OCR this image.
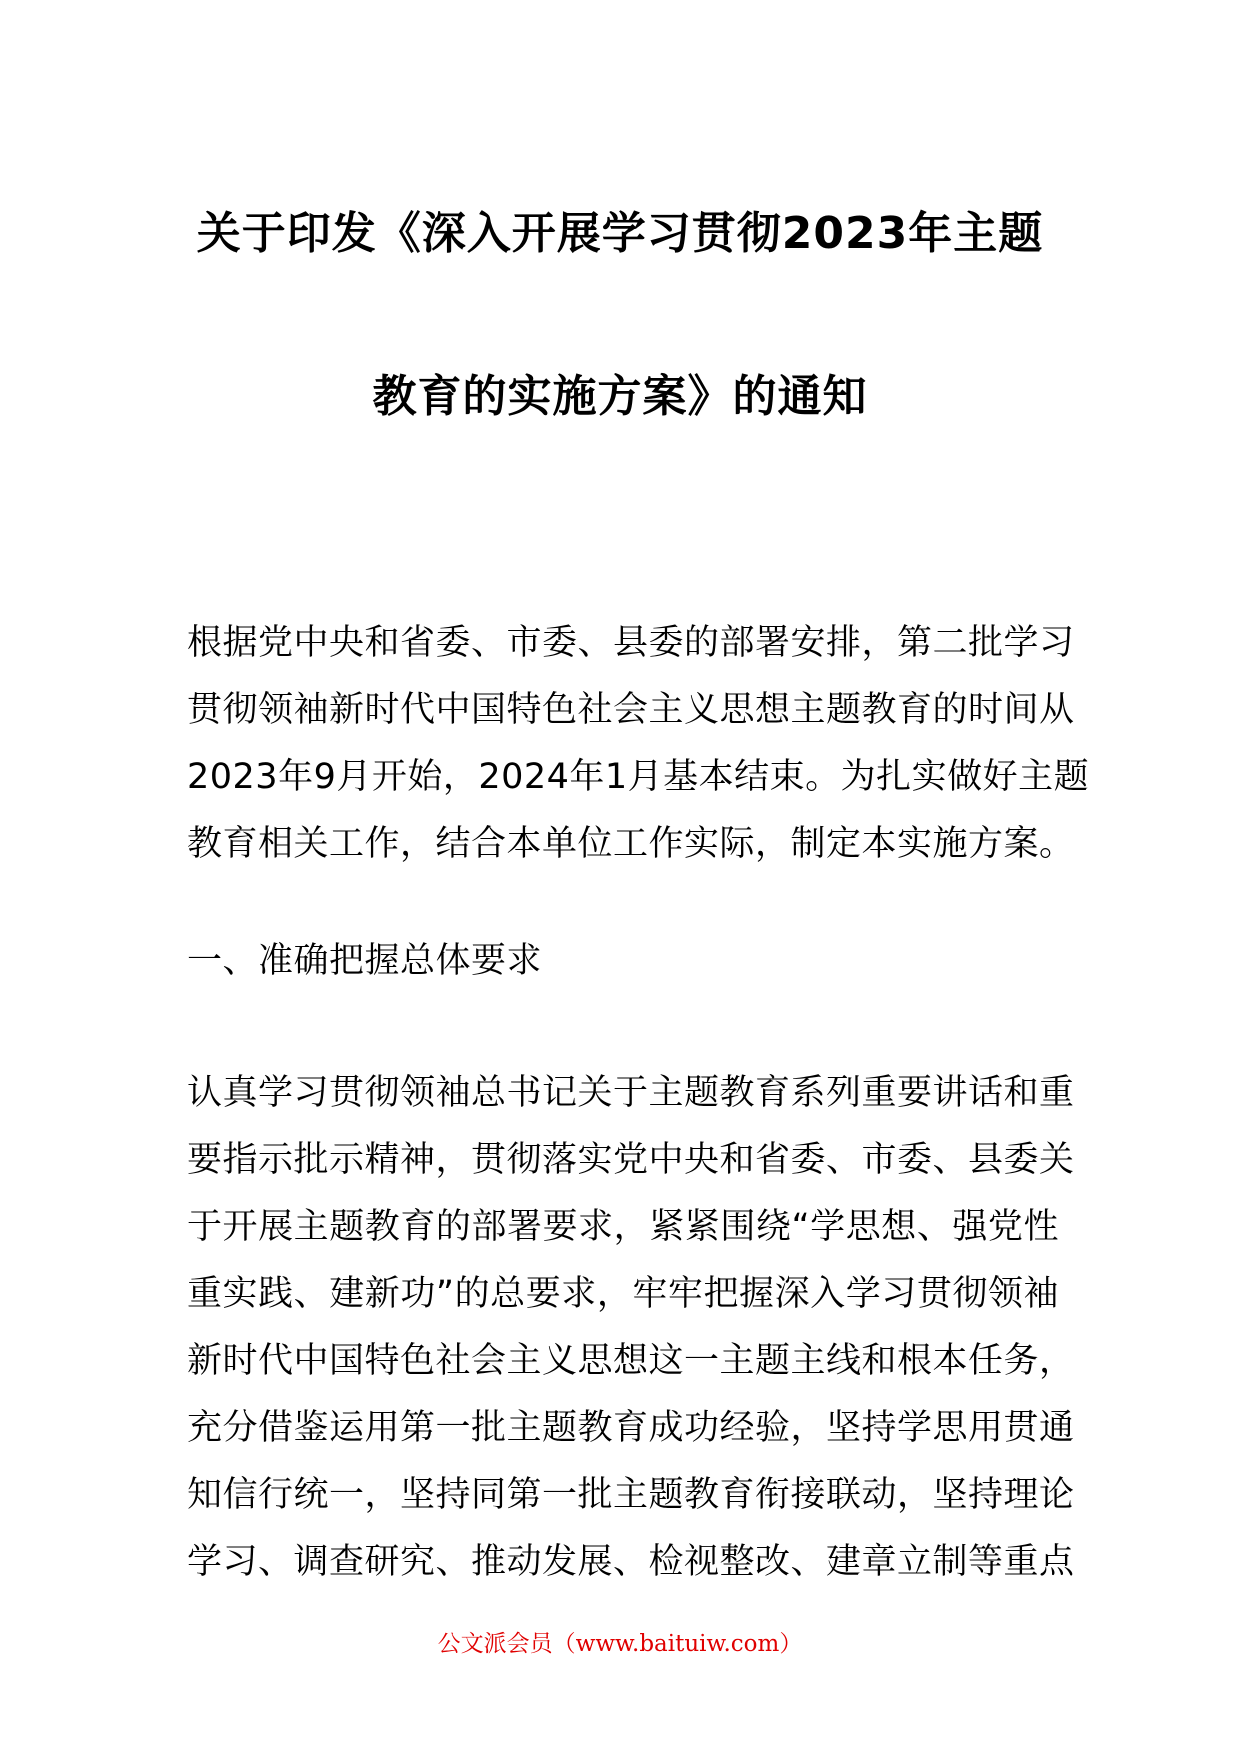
关于印发《深入开展学习贯彻2023年主题
教育的实施方案》的通知
根据党中央和省委、市委、县委的部署安排，第二批学习
贯彻领袖新时代中国特色社会主义思想主题教育的时间从
2023年9月开始，2024年1月基本结束。为扎实做好主题
教育相关工作，结合本单位工作实际，制定本实施方案。
一、准确把握总体要求
认真学习贯彻领袖总书记关于主题教育系列重要讲话和重
要指示批示精神，贯彻落实党中央和省委、市委、县委关
于开展主题教育的部署要求，紧紧围绕“学思想、强党性
重实践、建新功”的总要求，牢牢把握深入学习贯彻领袖
新时代中国特色社会主义思想这一主题主线和根本任务，
充分借鉴运用第一批主题教育成功经验，坚持学思用贯通
知信行统一，坚持同第一批主题教育衔接联动，坚持理论
学习、调查研究、推动发展、检视整改、建章立制等重点
公文派会员（www.baituiw.com）
